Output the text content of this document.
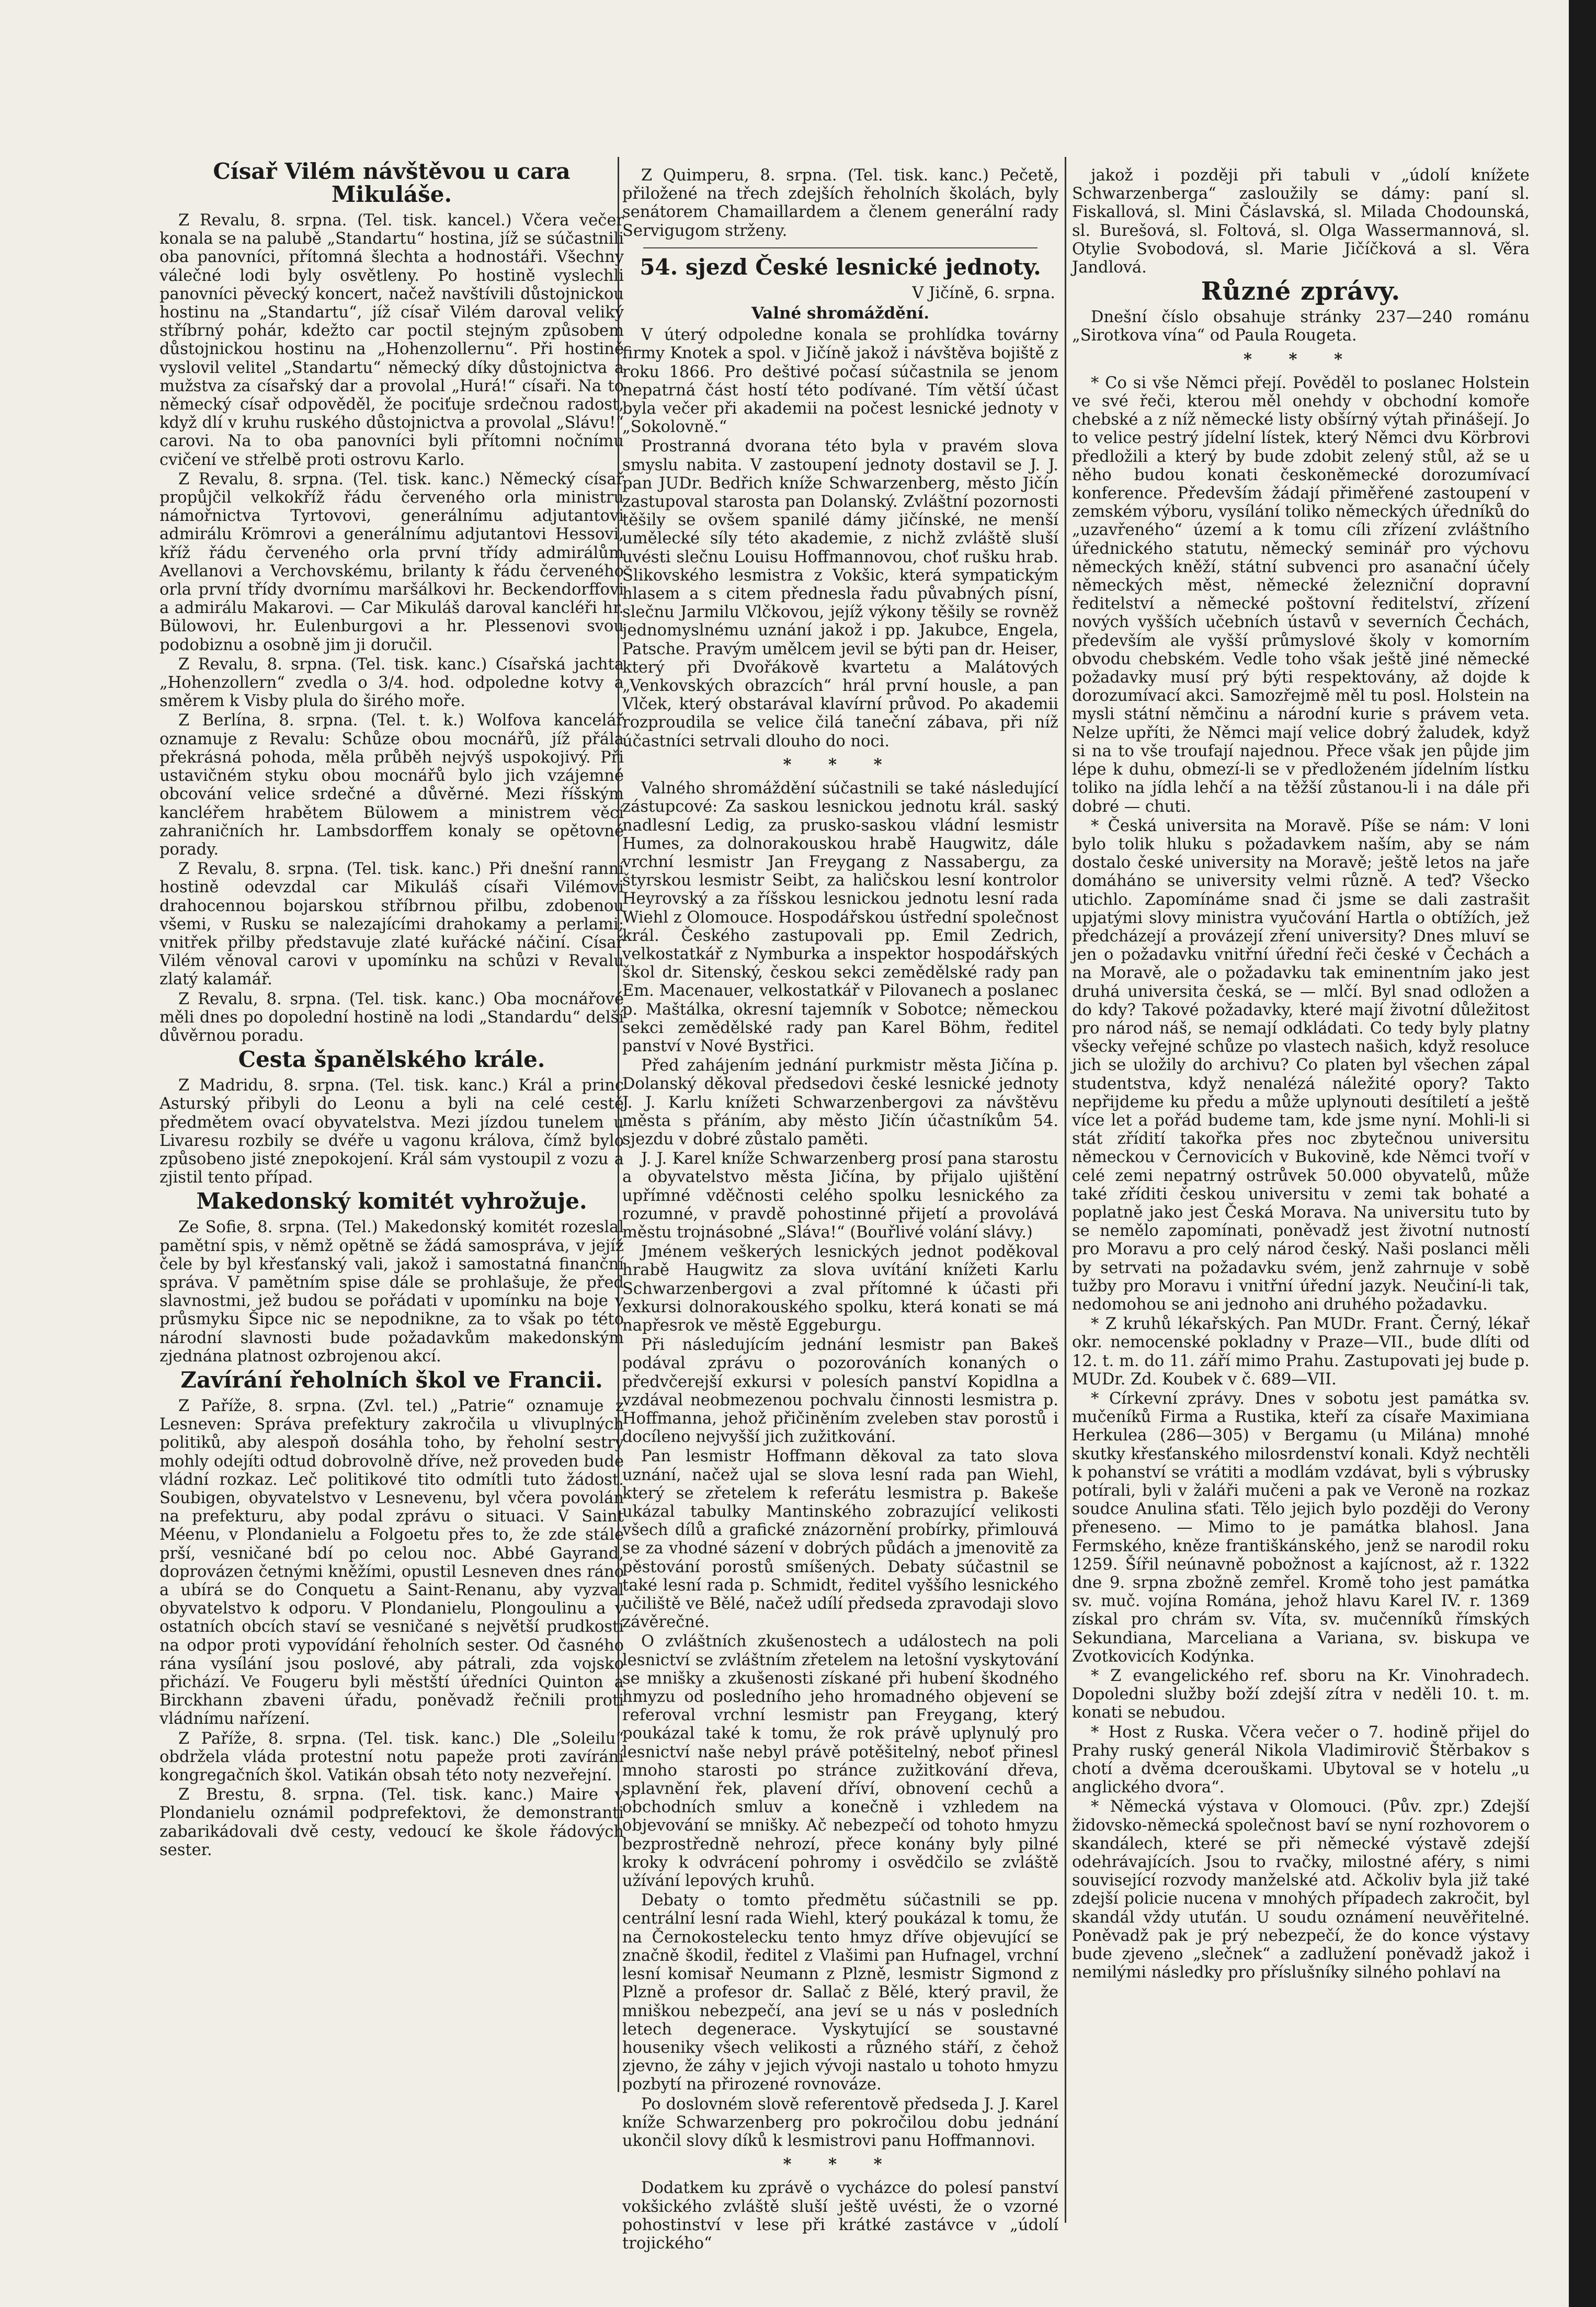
Císař Vilém návštěvou u cara Mikuláše.

Z Revalu, 8. srpna. (Tel. tisk. kancel.) Včera večer konala se na palubě „Standartu“ hostina, jíž se súčastnili oba panovníci, přítomná šlechta a hodnostáři. Všechny válečné lodi byly osvětleny. Po hostině vyslechli panovníci pěvecký koncert, načež navštívili důstojnickou hostinu na „Standartu“, jíž císař Vilém daroval veliký stříbrný pohár, kdežto car poctil stejným způsobem důstojnickou hostinu na „Hohenzollernu“. Při hostině vyslovil velitel „Standartu“ německý díky důstojnictva a mužstva za císařský dar a provolal „Hurá!“ císaři. Na to německý císař odpověděl, že pociťuje srdečnou radost, když dlí v kruhu ruského důstojnictva a provolal „Slávu!“ carovi. Na to oba panovníci byli přítomni nočnímu cvičení ve střelbě proti ostrovu Karlo.

Z Revalu, 8. srpna. (Tel. tisk. kanc.) Německý císař propůjčil velkokříž řádu červeného orla ministru námořnictva Tyrtovovi, generálnímu adjutantovi admirálu Krömrovi a generálnímu adjutantovi Hessovi, kříž řádu červeného orla první třídy admirálům Avellanovi a Verchovskému, brilanty k řádu červeného orla první třídy dvornímu maršálkovi hr. Beckendorffovi a admirálu Makarovi. — Car Mikuláš daroval kancléři hr. Bülowovi, hr. Eulenburgovi a hr. Plessenovi svou podobiznu a osobně jim ji doručil.

Z Revalu, 8. srpna. (Tel. tisk. kanc.) Císařská jachta „Hohenzollern“ zvedla o 3/4. hod. odpoledne kotvy a směrem k Visby plula do širého moře.

Z Berlína, 8. srpna. (Tel. t. k.) Wolfova kancelář oznamuje z Revalu: Schůze obou mocnářů, jíž přála překrásná pohoda, měla průběh nejvýš uspokojivý. Při ustavičném styku obou mocnářů bylo jich vzájemné obcování velice srdečné a důvěrné. Mezi říšským kancléřem hrabětem Bülowem a ministrem věcí zahraničních hr. Lambsdorffem konaly se opětovné porady.

Z Revalu, 8. srpna. (Tel. tisk. kanc.) Při dnešní ranní hostině odevzdal car Mikuláš císaři Vilémovi drahocennou bojarskou stříbrnou přilbu, zdobenou všemi, v Rusku se nalezajícími drahokamy a perlami; vnitřek přilby představuje zlaté kuřácké náčiní. Císař Vilém věnoval carovi v upomínku na schůzi v Revalu zlatý kalamář.

Z Revalu, 8. srpna. (Tel. tisk. kanc.) Oba mocnářové měli dnes po dopolední hostině na lodi „Standardu“ delší důvěrnou poradu.

Cesta španělského krále.

Z Madridu, 8. srpna. (Tel. tisk. kanc.) Král a princ Asturský přibyli do Leonu a byli na celé cestě předmětem ovací obyvatelstva. Mezi jízdou tunelem u Livaresu rozbily se dvéře u vagonu králova, čímž bylo způsobeno jisté znepokojení. Král sám vystoupil z vozu a zjistil tento případ.

Makedonský komitét vyhrožuje.

Ze Sofie, 8. srpna. (Tel.) Makedonský komitét rozeslal pamětní spis, v němž opětně se žádá samospráva, v jejíž čele by byl křesťanský vali, jakož i samostatná finanční správa. V pamětním spise dále se prohlašuje, že před slavnostmi, jež budou se pořádati v upomínku na boje v průsmyku Šipce nic se nepodnikne, za to však po této národní slavnosti bude požadavkům makedonským zjednána platnost ozbrojenou akcí.

Zavírání řeholních škol ve Francii.

Z Paříže, 8. srpna. (Zvl. tel.) „Patrie“ oznamuje z Lesneven: Správa prefektury zakročila u vlivuplných politiků, aby alespoň dosáhla toho, by řeholní sestry mohly odejíti odtud dobrovolně dříve, než proveden bude vládní rozkaz. Leč politikové tito odmítli tuto žádost. Soubigen, obyvatelstvo v Lesnevenu, byl včera povolán na prefekturu, aby podal zprávu o situaci. V Saint Méenu, v Plondanielu a Folgoetu přes to, že zde stále prší, vesničané bdí po celou noc. Abbé Gayrand, doprovázen četnými kněžími, opustil Lesneven dnes ráno a ubírá se do Conquetu a Saint-Renanu, aby vyzval obyvatelstvo k odporu. V Plondanielu, Plongoulinu a v ostatních obcích staví se vesničané s největší prudkostí na odpor proti vypovídání řeholních sester. Od časného rána vysílání jsou poslové, aby pátrali, zda vojsko přichází. Ve Fougeru byli městští úředníci Quinton a Birckhann zbaveni úřadu, poněvadž řečnili proti vládnímu nařízení.

Z Paříže, 8. srpna. (Tel. tisk. kanc.) Dle „Soleilu“ obdržela vláda protestní notu papeže proti zavírání kongregačních škol. Vatikán obsah této noty nezveřejní.

Z Brestu, 8. srpna. (Tel. tisk. kanc.) Maire v Plondanielu oznámil podprefektovi, že demonstranti zabarikádovali dvě cesty, vedoucí ke škole řádových sester.

Z Quimperu, 8. srpna. (Tel. tisk. kanc.) Pečetě, přiložené na třech zdejších řeholních školách, byly senátorem Chamaillardem a členem generální rady Servigugom strženy.

54. sjezd České lesnické jednoty.
V Jičíně, 6. srpna.
Valné shromáždění.

V úterý odpoledne konala se prohlídka továrny firmy Knotek a spol. v Jičíně jakož i návštěva bojiště z roku 1866. Pro deštivé počasí súčastnila se jenom nepatrná část hostí této podívané. Tím větší účast byla večer při akademii na počest lesnické jednoty v „Sokolovně.“

Prostranná dvorana této byla v pravém slova smyslu nabita. V zastoupení jednoty dostavil se J. J. pan JUDr. Bedřich kníže Schwarzenberg, město Jičín zastupoval starosta pan Dolanský. Zvláštní pozornosti těšily se ovšem spanilé dámy jičínské, ne menší umělecké síly této akademie, z nichž zvláště sluší uvésti slečnu Louisu Hoffmannovou, choť rušku hrab. Šlikovského lesmistra z Vokšic, která sympatickým hlasem a s citem přednesla řadu půvabných písní, slečnu Jarmilu Vlčkovou, jejíž výkony těšily se rovněž jednomyslnému uznání jakož i pp. Jakubce, Engela, Patsche. Pravým umělcem jevil se býti pan dr. Heiser, který při Dvořákově kvartetu a Malátových „Venkovských obrazcích“ hrál první housle, a pan Vlček, který obstarával klavírní průvod. Po akademii rozproudila se velice čilá taneční zábava, při níž účastníci setrvali dlouho do noci.

* * *

Valného shromáždění súčastnili se také následující zástupcové: Za saskou lesnickou jednotu král. saský nadlesní Ledig, za prusko-saskou vládní lesmistr Humes, za dolnorakouskou hrabě Haugwitz, dále vrchní lesmistr Jan Freygang z Nassabergu, za štyrskou lesmistr Seibt, za haličskou lesní kontrolor Heyrovský a za říšskou lesnickou jednotu lesní rada Wiehl z Olomouce. Hospodářskou ústřední společnost král. Českého zastupovali pp. Emil Zedrich, velkostatkář z Nymburka a inspektor hospodářských škol dr. Sitenský, českou sekci zemědělské rady pan Em. Macenauer, velkostatkář v Pilovanech a poslanec p. Maštálka, okresní tajemník v Sobotce; německou sekci zemědělské rady pan Karel Böhm, ředitel panství v Nové Bystřici.

Před zahájením jednání purkmistr města Jičína p. Dolanský děkoval předsedovi české lesnické jednoty J. J. Karlu knížeti Schwarzenbergovi za návštěvu města s přáním, aby město Jičín účastníkům 54. sjezdu v dobré zůstalo paměti.

J. J. Karel kníže Schwarzenberg prosí pana starostu a obyvatelstvo města Jičína, by přijalo ujištění upřímné vděčnosti celého spolku lesnického za rozumné, v pravdě pohostinné přijetí a provolává městu trojnásobné „Sláva!“ (Bouřlivé volání slávy.)

Jménem veškerých lesnických jednot poděkoval hrabě Haugwitz za slova uvítání knížeti Karlu Schwarzenbergovi a zval přítomné k účasti při exkursi dolnorakouského spolku, která konati se má napřesrok ve městě Eggeburgu.

Při následujícím jednání lesmistr pan Bakeš podával zprávu o pozorováních konaných o předvčerejší exkursi v polesích panství Kopidlna a vzdával neobmezenou pochvalu činnosti lesmistra p. Hoffmanna, jehož přičiněním zveleben stav porostů i docíleno nejvyšší jich zužitkování.

Pan lesmistr Hoffmann děkoval za tato slova uznání, načež ujal se slova lesní rada pan Wiehl, který se zřetelem k referátu lesmistra p. Bakeše ukázal tabulky Mantinského zobrazující velikosti všech dílů a grafické znázornění probírky, přimlouvá se za vhodné sázení v dobrých půdách a jmenovitě za pěstování porostů smíšených. Debaty súčastnil se také lesní rada p. Schmidt, ředitel vyššího lesnického učiliště ve Bělé, načež udílí předseda zpravodaji slovo závěrečné.

O zvláštních zkušenostech a událostech na poli lesnictví se zvláštním zřetelem na letošní vyskytování se mnišky a zkušenosti získané při hubení škodného hmyzu od posledního jeho hromadného objevení se referoval vrchní lesmistr pan Freygang, který poukázal také k tomu, že rok právě uplynulý pro lesnictví naše nebyl právě potěšitelný, neboť přinesl mnoho starosti po stránce zužitkování dřeva, splavnění řek, plavení dříví, obnovení cechů a obchodních smluv a konečně i vzhledem na objevování se mnišky. Ač nebezpečí od tohoto hmyzu bezprostředně nehrozí, přece konány byly pilné kroky k odvrácení pohromy i osvědčilo se zvláště užívání lepových kruhů.

Debaty o tomto předmětu súčastnili se pp. centrální lesní rada Wiehl, který poukázal k tomu, že na Černokostelecku tento hmyz dříve objevující se značně škodil, ředitel z Vlašimi pan Hufnagel, vrchní lesní komisař Neumann z Plzně, lesmistr Sigmond z Plzně a profesor dr. Sallač z Bělé, který pravil, že mniškou nebezpečí, ana jeví se u nás v posledních letech degenerace. Vyskytující se soustavné houseniky všech velikosti a různého stáří, z čehož zjevno, že záhy v jejich vývoji nastalo u tohoto hmyzu pozbytí na přirozené rovnováze.

Po doslovném slově referentově předseda J. J. Karel kníže Schwarzenberg pro pokročilou dobu jednání ukončil slovy díků k lesmistrovi panu Hoffmannovi.

* * *

Dodatkem ku zprávě o vycházce do polesí panství vokšického zvláště sluší ještě uvésti, že o vzorné pohostinství v lese při krátké zastávce v „údolí trojického“

jakož i později při tabuli v „údolí knížete Schwarzenberga“ zasloužily se dámy: paní sl. Fiskallová, sl. Mini Čáslavská, sl. Milada Chodounská, sl. Burešová, sl. Foltová, sl. Olga Wassermannová, sl. Otylie Svobodová, sl. Marie Jičíčková a sl. Věra Jandlová.

Různé zprávy.

Dnešní číslo obsahuje stránky 237—240 románu „Sirotkova vína“ od Paula Rougeta.

* * *

* Co si vše Němci přejí. Pověděl to poslanec Holstein ve své řeči, kterou měl onehdy v obchodní komoře chebské a z níž německé listy obšírný výtah přinášejí. Jo to velice pestrý jídelní lístek, který Němci dvu Körbrovi předložili a který by bude zdobit zelený stůl, až se u něho budou konati českoněmecké dorozumívací konference. Především žádají přiměřené zastoupení v zemském výboru, vysílání toliko německých úředníků do „uzavřeného“ území a k tomu cíli zřízení zvláštního úřednického statutu, německý seminář pro výchovu německých kněží, státní subvenci pro asanační účely německých měst, německé železniční dopravní ředitelství a německé poštovní ředitelství, zřízení nových vyšších učebních ústavů v severních Čechách, především ale vyšší průmyslové školy v komorním obvodu chebském. Vedle toho však ještě jiné německé požadavky musí prý býti respektovány, až dojde k dorozumívací akci. Samozřejmě měl tu posl. Holstein na mysli státní němčinu a národní kurie s právem veta. Nelze upříti, že Němci mají velice dobrý žaludek, když si na to vše troufají najednou. Přece však jen půjde jim lépe k duhu, obmezí-li se v předloženém jídelním lístku toliko na jídla lehčí a na těžší zůstanou-li i na dále při dobré — chuti.

* Česká universita na Moravě. Píše se nám: V loni bylo tolik hluku s požadavkem naším, aby se nám dostalo české university na Moravě; ještě letos na jaře domáháno se university velmi různě. A teď? Všecko utichlo. Zapomínáme snad či jsme se dali zastrašit upjatými slovy ministra vyučování Hartla o obtížích, jež předcházejí a provázejí zření university? Dnes mluví se jen o požadavku vnitřní úřední řeči české v Čechách a na Moravě, ale o požadavku tak eminentním jako jest druhá universita česká, se — mlčí. Byl snad odložen a do kdy? Takové požadavky, které mají životní důležitost pro národ náš, se nemají odkládati. Co tedy byly platny všecky veřejné schůze po vlastech našich, když resoluce jich se uložily do archivu? Co platen byl všechen zápal studentstva, když nenalézá náležité opory? Takto nepřijdeme ku předu a může uplynouti desítiletí a ještě více let a pořád budeme tam, kde jsme nyní. Mohli-li si stát zřídití takořka přes noc zbytečnou universitu německou v Černovicích v Bukovině, kde Němci tvoří v celé zemi nepatrný ostrůvek 50.000 obyvatelů, může také zříditi českou universitu v zemi tak bohaté a poplatně jako jest Česká Morava. Na universitu tuto by se nemělo zapomínati, poněvadž jest životní nutností pro Moravu a pro celý národ český. Naši poslanci měli by setrvati na požadavku svém, jenž zahrnuje v sobě tužby pro Moravu i vnitřní úřední jazyk. Neučiní-li tak, nedomohou se ani jednoho ani druhého požadavku.

* Z kruhů lékařských. Pan MUDr. Frant. Černý, lékař okr. nemocenské pokladny v Praze—VII., bude dlíti od 12. t. m. do 11. září mimo Prahu. Zastupovati jej bude p. MUDr. Zd. Koubek v č. 689—VII.

* Církevní zprávy. Dnes v sobotu jest památka sv. mučeníků Firma a Rustika, kteří za císaře Maximiana Herkulea (286—305) v Bergamu (u Milána) mnohé skutky křesťanského milosrdenství konali. Když nechtěli k pohanství se vrátiti a modlám vzdávat, byli s výbrusky potírali, byli v žaláři mučeni a pak ve Veroně na rozkaz soudce Anulina sťati. Tělo jejich bylo později do Verony přeneseno. — Mimo to je památka blahosl. Jana Fermského, kněze františkánského, jenž se narodil roku 1259. Šířil neúnavně pobožnost a kajícnost, až r. 1322 dne 9. srpna zbožně zemřel. Kromě toho jest památka sv. muč. vojína Romána, jehož hlavu Karel IV. r. 1369 získal pro chrám sv. Víta, sv. mučenníků římských Sekundiana, Marceliana a Variana, sv. biskupa ve Zvotkovicích Kodýnka.

* Z evangelického ref. sboru na Kr. Vinohradech. Dopoledni služby boží zdejší zítra v neděli 10. t. m. konati se nebudou.

* Host z Ruska. Včera večer o 7. hodině přijel do Prahy ruský generál Nikola Vladimirovič Štěrbakov s chotí a dvěma dcerouškami. Ubytoval se v hotelu „u anglického dvora“.

* Německá výstava v Olomouci. (Pův. zpr.) Zdejší židovsko-německá společnost baví se nyní rozhovorem o skandálech, které se při německé výstavě zdejší odehrávajících. Jsou to rvačky, milostné aféry, s nimi související rozvody manželské atd. Ačkoliv byla již také zdejší policie nucena v mnohých případech zakročit, byl skandál vždy utuťán. U soudu oznámení neuvěřitelné. Poněvadž pak je prý nebezpečí, že do konce výstavy bude zjeveno „slečnek“ a zadlužení poněvadž jakož i nemilými následky pro příslušníky silného pohlaví na
